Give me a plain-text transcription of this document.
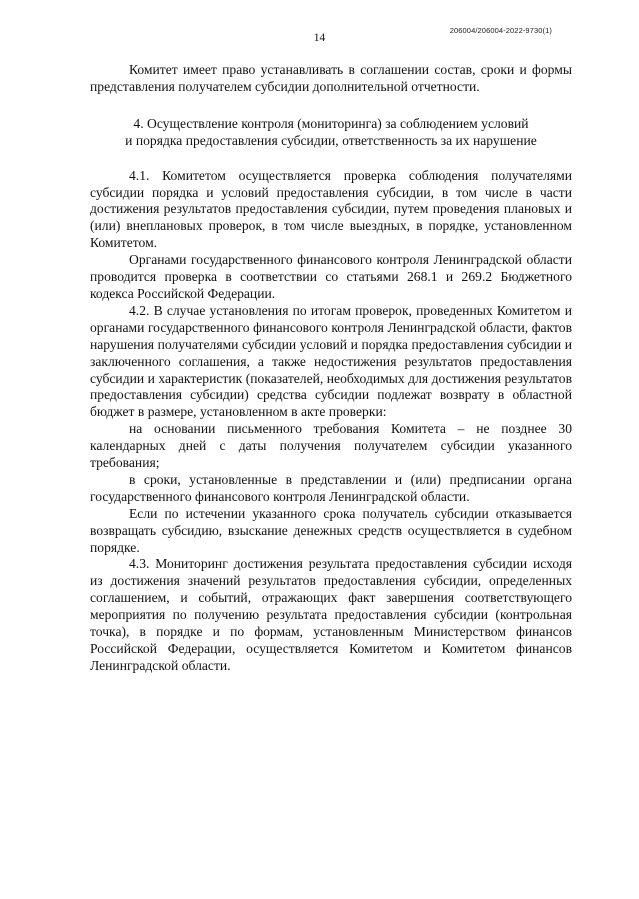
206004/206004-2022-9730(1)
14

Комитет имеет право устанавливать в соглашении состав, сроки и формы представления получателем субсидии дополнительной отчетности.

4. Осуществление контроля (мониторинга) за соблюдением условий
и порядка предоставления субсидии, ответственность за их нарушение

4.1. Комитетом осуществляется проверка соблюдения получателями субсидии порядка и условий предоставления субсидии, в том числе в части достижения результатов предоставления субсидии, путем проведения плановых и (или) внеплановых проверок, в том числе выездных, в порядке, установленном Комитетом.

Органами государственного финансового контроля Ленинградской области проводится проверка в соответствии со статьями 268.1 и 269.2 Бюджетного кодекса Российской Федерации.

4.2. В случае установления по итогам проверок, проведенных Комитетом и органами государственного финансового контроля Ленинградской области, фактов нарушения получателями субсидии условий и порядка предоставления субсидии и заключенного соглашения, а также недостижения результатов предоставления субсидии и характеристик (показателей, необходимых для достижения результатов предоставления субсидии) средства субсидии подлежат возврату в областной бюджет в размере, установленном в акте проверки:

на основании письменного требования Комитета – не позднее 30 календарных дней с даты получения получателем субсидии указанного требования;

в сроки, установленные в представлении и (или) предписании органа государственного финансового контроля Ленинградской области.

Если по истечении указанного срока получатель субсидии отказывается возвращать субсидию, взыскание денежных средств осуществляется в судебном порядке.

4.3. Мониторинг достижения результата предоставления субсидии исходя из достижения значений результатов предоставления субсидии, определенных соглашением, и событий, отражающих факт завершения соответствующего мероприятия по получению результата предоставления субсидии (контрольная точка), в порядке и по формам, установленным Министерством финансов Российской Федерации, осуществляется Комитетом и Комитетом финансов Ленинградской области.
